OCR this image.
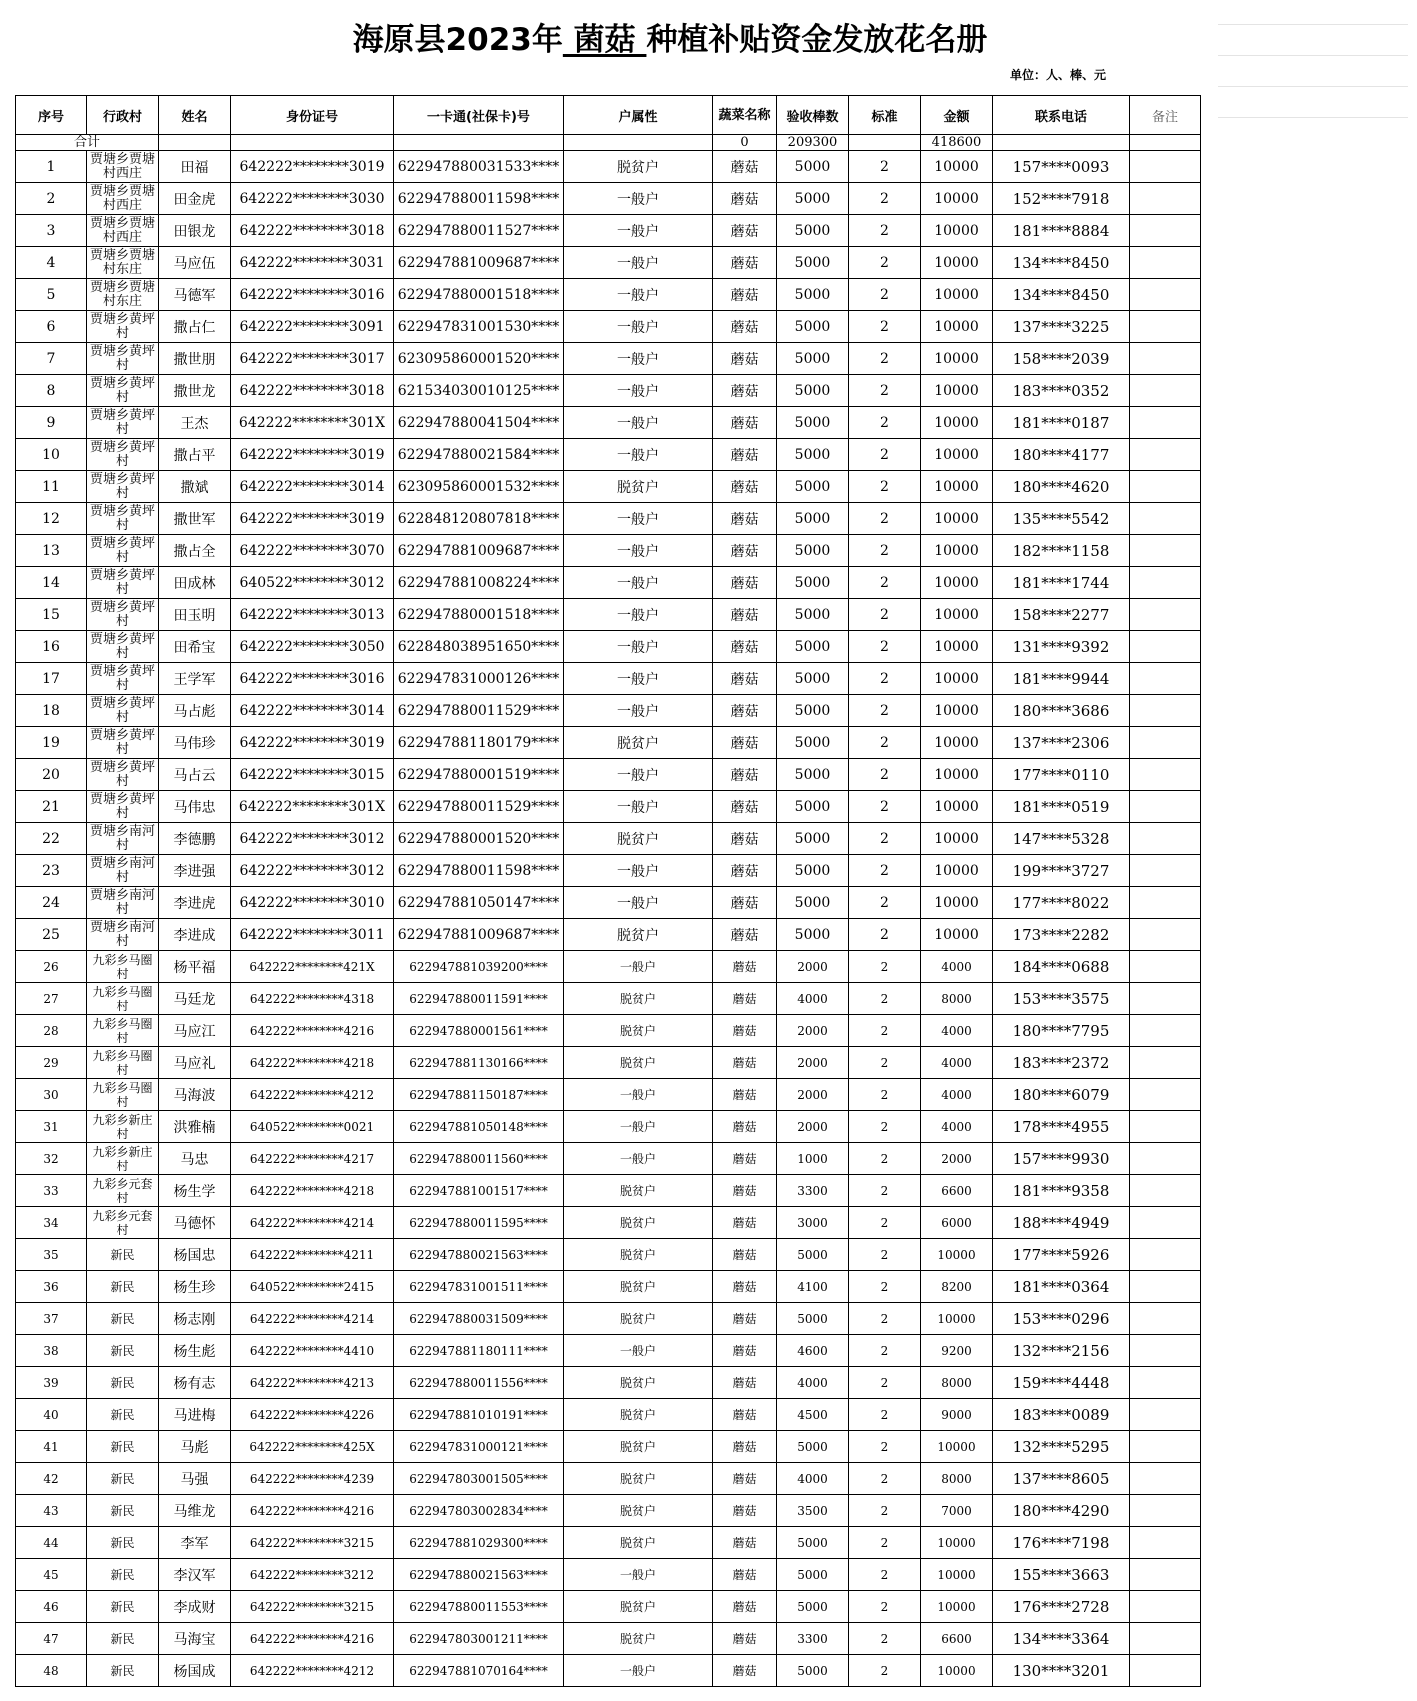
海原县2023年 菌菇 种植补贴资金发放花名册
单位：人、棒、元
序号	行政村	姓名	身份证号	一卡通(社保卡)号	户属性	蔬菜名称	验收棒数	标准	金额	联系电话	备注
合计						0	209300		418600		
1	贾塘乡贾塘村西庄	田福	642222********3019	622947880031533****	脱贫户	蘑菇	5000	2	10000	157****0093	
2	贾塘乡贾塘村西庄	田金虎	642222********3030	622947880011598****	一般户	蘑菇	5000	2	10000	152****7918	
3	贾塘乡贾塘村西庄	田银龙	642222********3018	622947880011527****	一般户	蘑菇	5000	2	10000	181****8884	
4	贾塘乡贾塘村东庄	马应伍	642222********3031	622947881009687****	一般户	蘑菇	5000	2	10000	134****8450	
5	贾塘乡贾塘村东庄	马德军	642222********3016	622947880001518****	一般户	蘑菇	5000	2	10000	134****8450	
6	贾塘乡黄坪村	撒占仁	642222********3091	622947831001530****	一般户	蘑菇	5000	2	10000	137****3225	
7	贾塘乡黄坪村	撒世朋	642222********3017	623095860001520****	一般户	蘑菇	5000	2	10000	158****2039	
8	贾塘乡黄坪村	撒世龙	642222********3018	621534030010125****	一般户	蘑菇	5000	2	10000	183****0352	
9	贾塘乡黄坪村	王杰	642222********301X	622947880041504****	一般户	蘑菇	5000	2	10000	181****0187	
10	贾塘乡黄坪村	撒占平	642222********3019	622947880021584****	一般户	蘑菇	5000	2	10000	180****4177	
11	贾塘乡黄坪村	撒斌	642222********3014	623095860001532****	脱贫户	蘑菇	5000	2	10000	180****4620	
12	贾塘乡黄坪村	撒世军	642222********3019	622848120807818****	一般户	蘑菇	5000	2	10000	135****5542	
13	贾塘乡黄坪村	撒占全	642222********3070	622947881009687****	一般户	蘑菇	5000	2	10000	182****1158	
14	贾塘乡黄坪村	田成林	640522********3012	622947881008224****	一般户	蘑菇	5000	2	10000	181****1744	
15	贾塘乡黄坪村	田玉明	642222********3013	622947880001518****	一般户	蘑菇	5000	2	10000	158****2277	
16	贾塘乡黄坪村	田希宝	642222********3050	622848038951650****	一般户	蘑菇	5000	2	10000	131****9392	
17	贾塘乡黄坪村	王学军	642222********3016	622947831000126****	一般户	蘑菇	5000	2	10000	181****9944	
18	贾塘乡黄坪村	马占彪	642222********3014	622947880011529****	一般户	蘑菇	5000	2	10000	180****3686	
19	贾塘乡黄坪村	马伟珍	642222********3019	622947881180179****	脱贫户	蘑菇	5000	2	10000	137****2306	
20	贾塘乡黄坪村	马占云	642222********3015	622947880001519****	一般户	蘑菇	5000	2	10000	177****0110	
21	贾塘乡黄坪村	马伟忠	642222********301X	622947880011529****	一般户	蘑菇	5000	2	10000	181****0519	
22	贾塘乡南河村	李德鹏	642222********3012	622947880001520****	脱贫户	蘑菇	5000	2	10000	147****5328	
23	贾塘乡南河村	李进强	642222********3012	622947880011598****	一般户	蘑菇	5000	2	10000	199****3727	
24	贾塘乡南河村	李进虎	642222********3010	622947881050147****	一般户	蘑菇	5000	2	10000	177****8022	
25	贾塘乡南河村	李进成	642222********3011	622947881009687****	脱贫户	蘑菇	5000	2	10000	173****2282	
26	九彩乡马圈村	杨平福	642222********421X	622947881039200****	一般户	蘑菇	2000	2	4000	184****0688	
27	九彩乡马圈村	马廷龙	642222********4318	622947880011591****	脱贫户	蘑菇	4000	2	8000	153****3575	
28	九彩乡马圈村	马应江	642222********4216	622947880001561****	脱贫户	蘑菇	2000	2	4000	180****7795	
29	九彩乡马圈村	马应礼	642222********4218	622947881130166****	脱贫户	蘑菇	2000	2	4000	183****2372	
30	九彩乡马圈村	马海波	642222********4212	622947881150187****	一般户	蘑菇	2000	2	4000	180****6079	
31	九彩乡新庄村	洪雅楠	640522********0021	622947881050148****	一般户	蘑菇	2000	2	4000	178****4955	
32	九彩乡新庄村	马忠	642222********4217	622947880011560****	一般户	蘑菇	1000	2	2000	157****9930	
33	九彩乡元套村	杨生学	642222********4218	622947881001517****	脱贫户	蘑菇	3300	2	6600	181****9358	
34	九彩乡元套村	马德怀	642222********4214	622947880011595****	脱贫户	蘑菇	3000	2	6000	188****4949	
35	新民	杨国忠	642222********4211	622947880021563****	脱贫户	蘑菇	5000	2	10000	177****5926	
36	新民	杨生珍	640522********2415	622947831001511****	脱贫户	蘑菇	4100	2	8200	181****0364	
37	新民	杨志刚	642222********4214	622947880031509****	脱贫户	蘑菇	5000	2	10000	153****0296	
38	新民	杨生彪	642222********4410	622947881180111****	一般户	蘑菇	4600	2	9200	132****2156	
39	新民	杨有志	642222********4213	622947880011556****	脱贫户	蘑菇	4000	2	8000	159****4448	
40	新民	马进梅	642222********4226	622947881010191****	脱贫户	蘑菇	4500	2	9000	183****0089	
41	新民	马彪	642222********425X	622947831000121****	脱贫户	蘑菇	5000	2	10000	132****5295	
42	新民	马强	642222********4239	622947803001505****	脱贫户	蘑菇	4000	2	8000	137****8605	
43	新民	马维龙	642222********4216	622947803002834****	脱贫户	蘑菇	3500	2	7000	180****4290	
44	新民	李军	642222********3215	622947881029300****	脱贫户	蘑菇	5000	2	10000	176****7198	
45	新民	李汉军	642222********3212	622947880021563****	一般户	蘑菇	5000	2	10000	155****3663	
46	新民	李成财	642222********3215	622947880011553****	脱贫户	蘑菇	5000	2	10000	176****2728	
47	新民	马海宝	642222********4216	622947803001211****	脱贫户	蘑菇	3300	2	6600	134****3364	
48	新民	杨国成	642222********4212	622947881070164****	一般户	蘑菇	5000	2	10000	130****3201	
